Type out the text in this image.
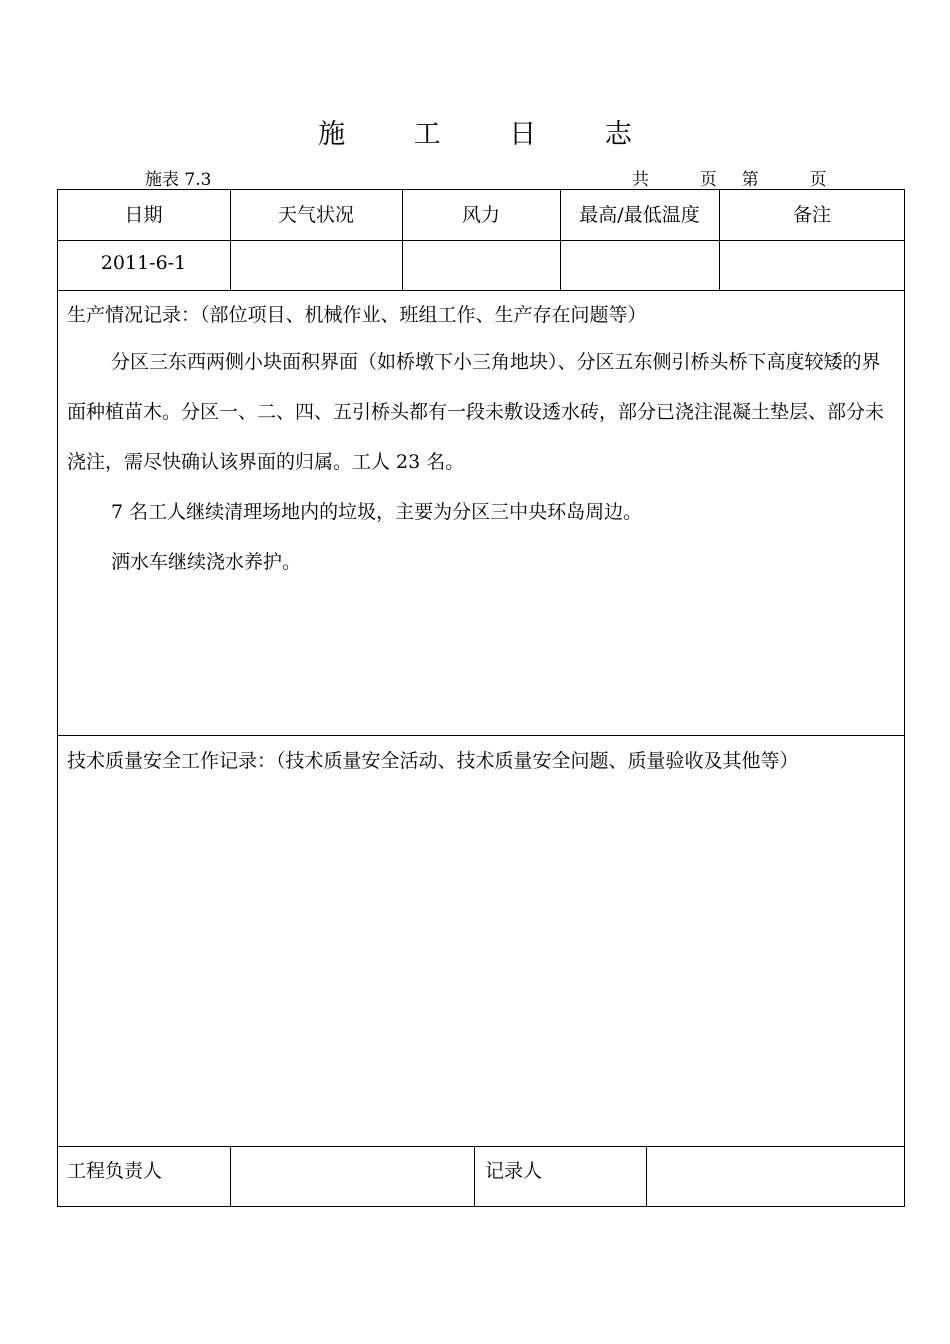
施 工 日 志
施表 7.3	共	页 第	页
日期	天气状况	风力	最高/最低温度	备注
2011-6-1
生产情况记录：（部位项目、机械作业、班组工作、生产存在问题等）
分区三东西两侧小块面积界面（如桥墩下小三角地块）、分区五东侧引桥头桥下高度较矮的界面种植苗木。分区一、二、四、五引桥头都有一段未敷设透水砖，部分已浇注混凝土垫层、部分未浇注，需尽快确认该界面的归属。工人 23 名。
7 名工人继续清理场地内的垃圾，主要为分区三中央环岛周边。
洒水车继续浇水养护。
技术质量安全工作记录：（技术质量安全活动、技术质量安全问题、质量验收及其他等）
工程负责人	记录人
